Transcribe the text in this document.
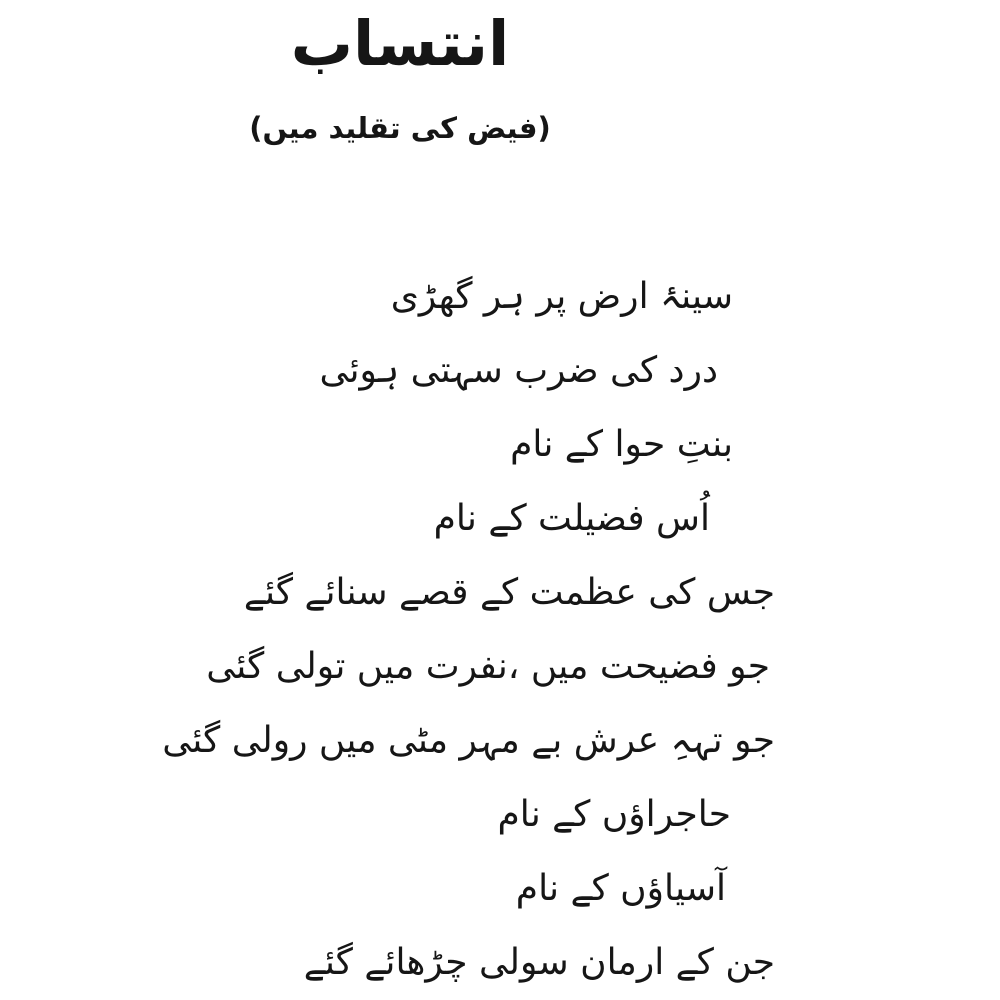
انتساب
(فیض کی تقلید میں)
سینۂ ارض پر ہر گھڑی
درد کی ضرب سہتی ہوئی
بنتِ حوا کے نام
اُس فضیلت کے نام
جس کی عظمت کے قصے سنائے گئے
جو فضیحت میں ،نفرت میں تولی گئی
جو تہہِ عرش بے مہر مٹی میں رولی گئی
حاجراؤں کے نام
آسیاؤں کے نام
جن کے ارمان سولی چڑھائے گئے
